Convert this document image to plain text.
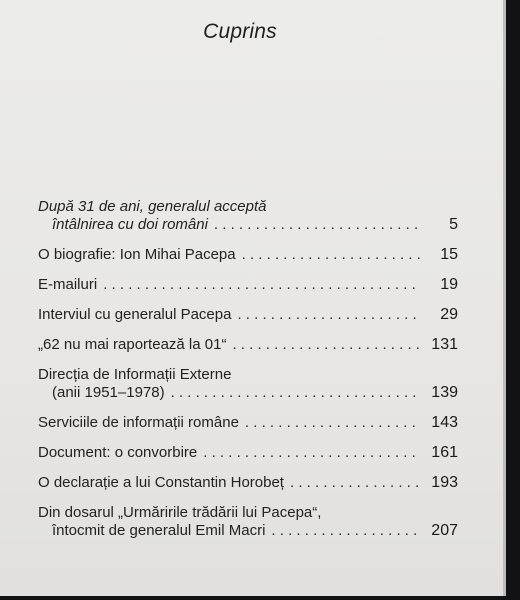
Cuprins
După 31 de ani, generalul acceptă
întâlnirea cu doi români . . .	5
O biografie: Ion Mihai Pacepa . . .	15
E-mailuri . . .	19
Interviul cu generalul Pacepa . . .	29
„62 nu mai raportează la 01“ . . .	131
Direcția de Informații Externe
(anii 1951–1978) . . .	139
Serviciile de informații române . . .	143
Document: o convorbire . . .	161
O declarație a lui Constantin Horobeț . . .	193
Din dosarul „Urmăririle trădării lui Pacepa“,
întocmit de generalul Emil Macri . . .	207
